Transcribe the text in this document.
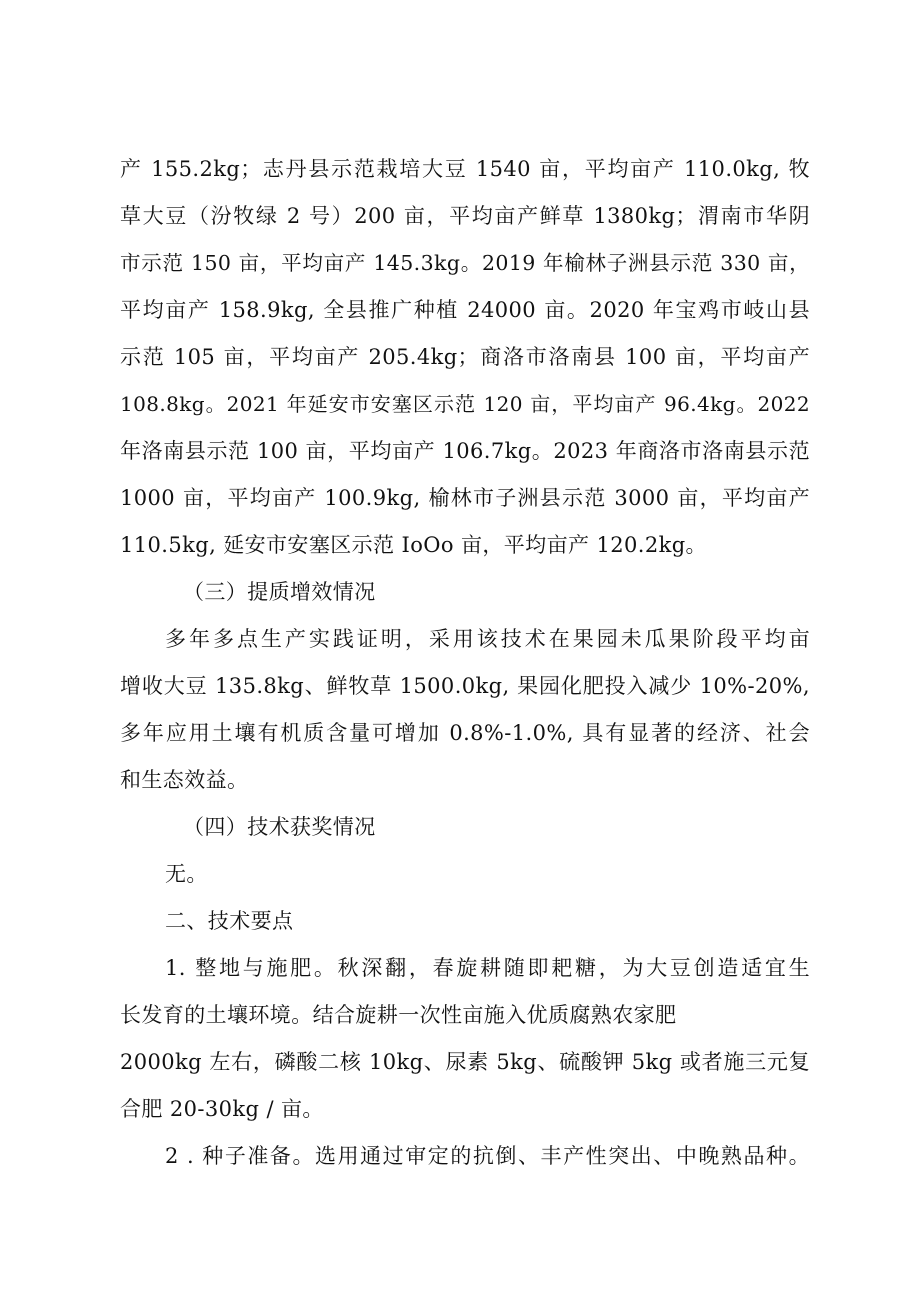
产 155.2kg；志丹县示范栽培大豆 1540 亩，平均亩产 110.0kg, 牧
草大豆（汾牧绿 2 号）200 亩，平均亩产鲜草 1380kg；渭南市华阴
市示范 150 亩，平均亩产 145.3kg。2019 年榆林子洲县示范 330 亩，
平均亩产 158.9kg, 全县推广种植 24000 亩。2020 年宝鸡市岐山县
示范 105 亩，平均亩产 205.4kg；商洛市洛南县 100 亩，平均亩产
108.8kg。2021 年延安市安塞区示范 120 亩，平均亩产 96.4kg。2022
年洛南县示范 100 亩，平均亩产 106.7kg。2023 年商洛市洛南县示范
1000 亩，平均亩产 100.9kg, 榆林市子洲县示范 3000 亩，平均亩产
110.5kg, 延安市安塞区示范 IoOo 亩，平均亩产 120.2kg。
（三）提质增效情况
多年多点生产实践证明，采用该技术在果园未瓜果阶段平均亩
增收大豆 135.8kg、鲜牧草 1500.0kg, 果园化肥投入减少 10%-20%,
多年应用土壤有机质含量可增加 0.8%-1.0%, 具有显著的经济、社会
和生态效益。
（四）技术获奖情况
无。
二、技术要点
1. 整地与施肥。秋深翻，春旋耕随即耙糖，为大豆创造适宜生
长发育的土壤环境。结合旋耕一次性亩施入优质腐熟农家肥
2000kg 左右，磷酸二核 10kg、尿素 5kg、硫酸钾 5kg 或者施三元复
合肥 20-30kg / 亩。
2 . 种子准备。选用通过审定的抗倒、丰产性突出、中晚熟品种。
